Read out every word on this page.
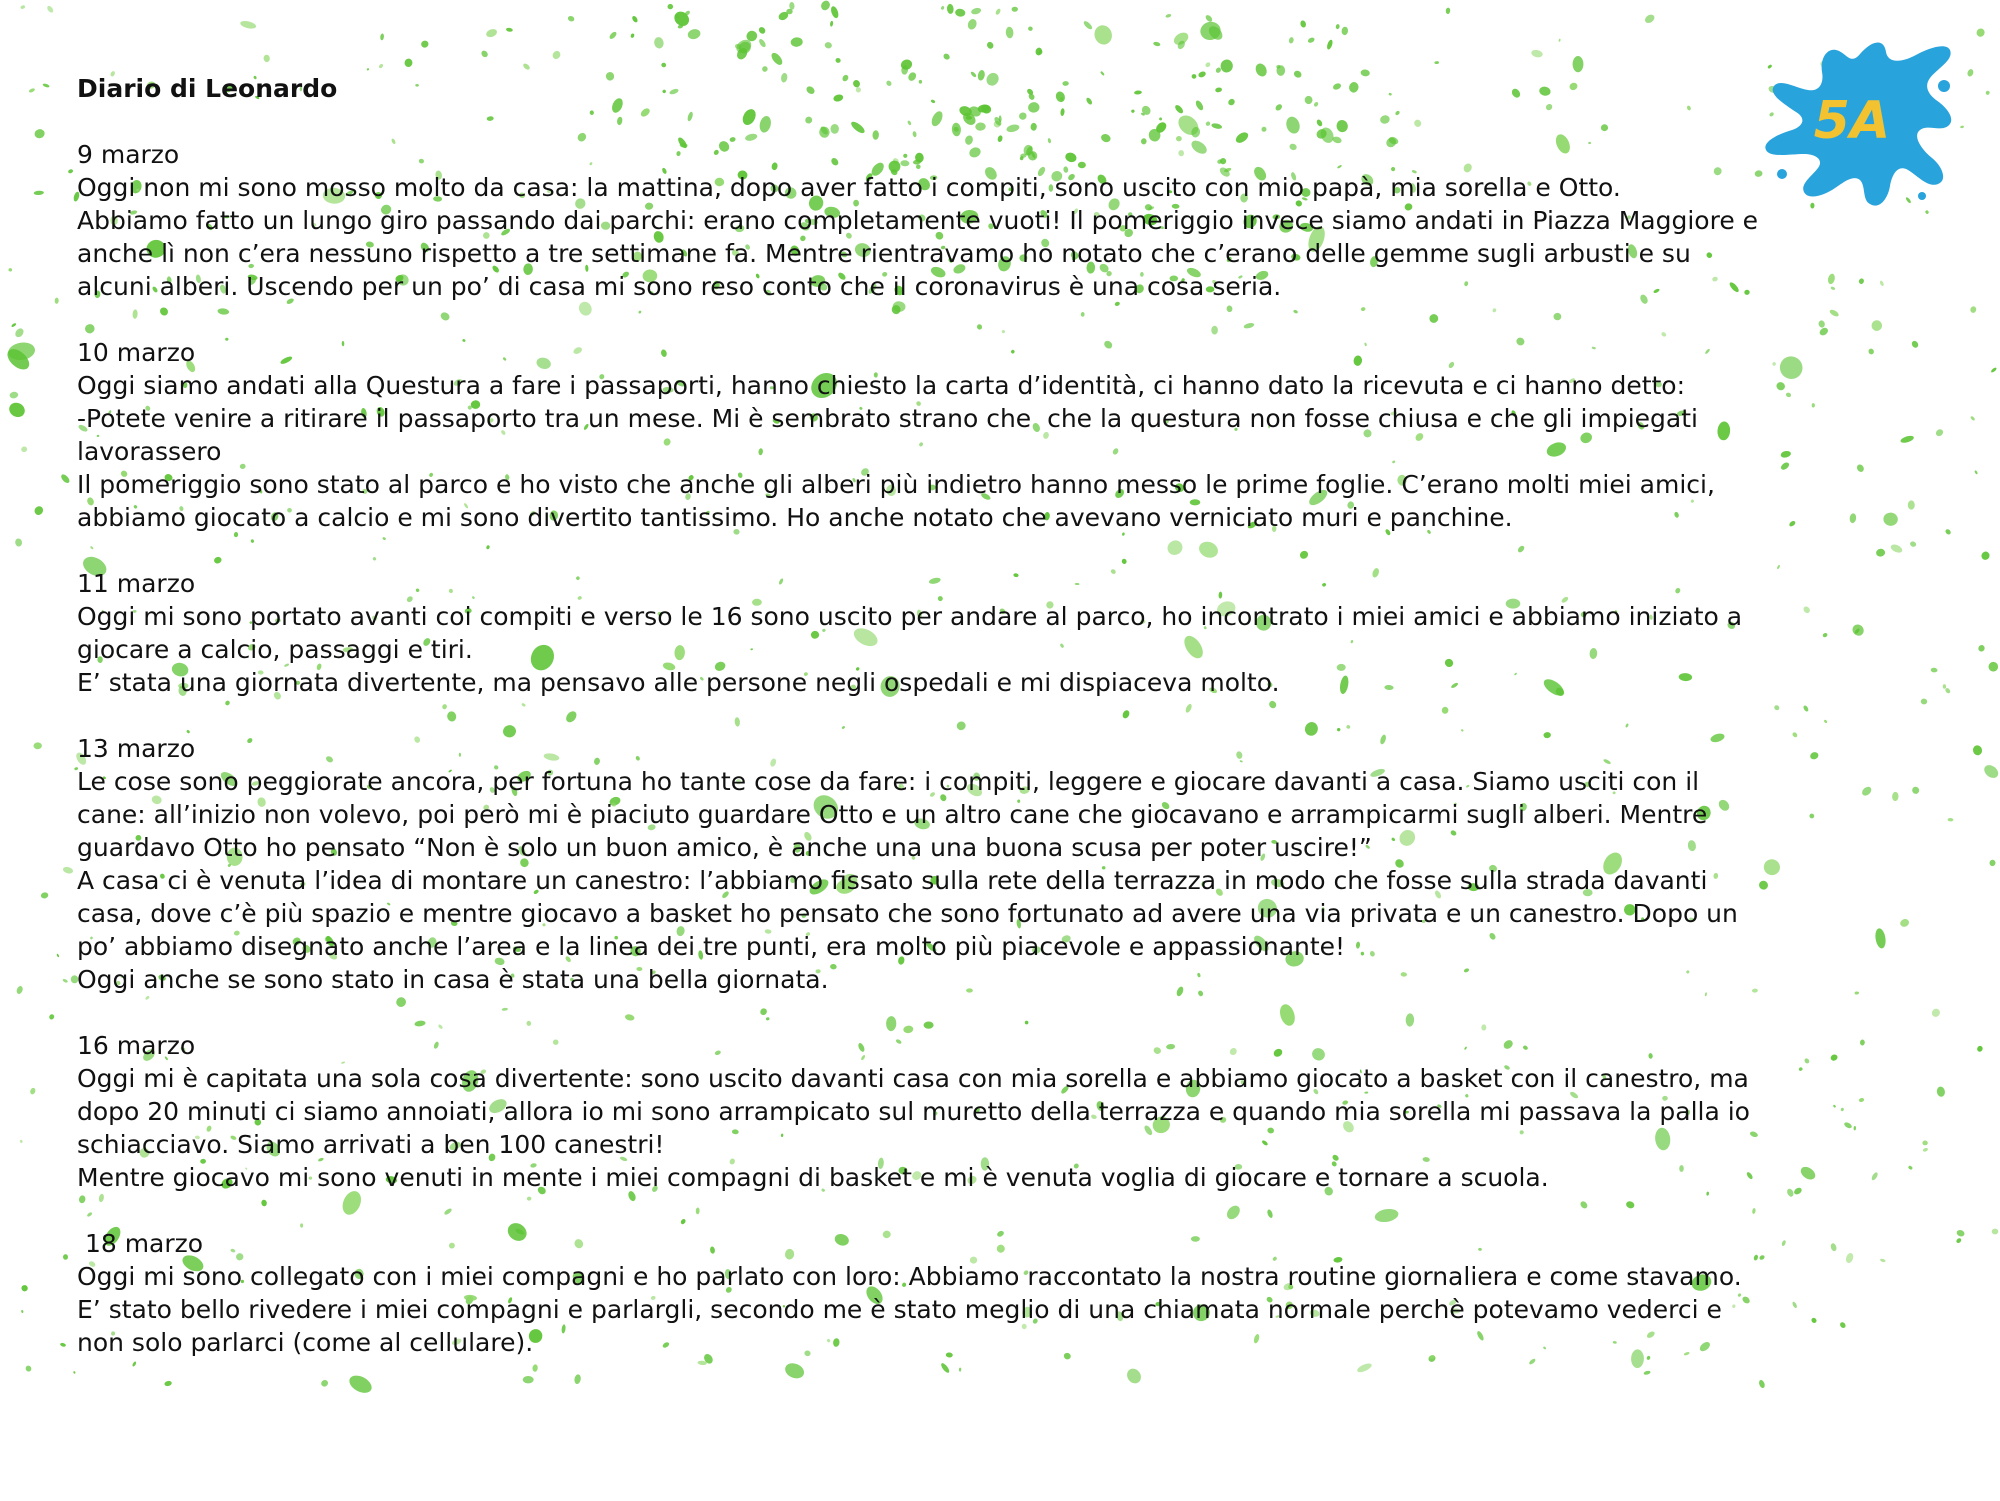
5A
Diario di Leonardo
9 marzo
Oggi non mi sono mosso molto da casa: la mattina, dopo aver fatto i compiti, sono uscito con mio papà, mia sorella e Otto.
Abbiamo fatto un lungo giro passando dai parchi: erano completamente vuoti! Il pomeriggio invece siamo andati in Piazza Maggiore e
anche lì non c’era nessuno rispetto a tre settimane fa. Mentre rientravamo ho notato che c’erano delle gemme sugli arbusti e su
alcuni alberi. Uscendo per un po’ di casa mi sono reso conto che il coronavirus è una cosa seria.
10 marzo
Oggi siamo andati alla Questura a fare i passaporti, hanno chiesto la carta d’identità, ci hanno dato la ricevuta e ci hanno detto:
-Potete venire a ritirare il passaporto tra un mese. Mi è sembrato strano che  che la questura non fosse chiusa e che gli impiegati
lavorassero
Il pomeriggio sono stato al parco e ho visto che anche gli alberi più indietro hanno messo le prime foglie. C’erano molti miei amici,
abbiamo giocato a calcio e mi sono divertito tantissimo. Ho anche notato che avevano verniciato muri e panchine.
11 marzo
Oggi mi sono portato avanti coi compiti e verso le 16 sono uscito per andare al parco, ho incontrato i miei amici e abbiamo iniziato a
giocare a calcio, passaggi e tiri.
E’ stata una giornata divertente, ma pensavo alle persone negli ospedali e mi dispiaceva molto.
13 marzo
Le cose sono peggiorate ancora, per fortuna ho tante cose da fare: i compiti, leggere e giocare davanti a casa. Siamo usciti con il
cane: all’inizio non volevo, poi però mi è piaciuto guardare Otto e un altro cane che giocavano e arrampicarmi sugli alberi. Mentre
guardavo Otto ho pensato “Non è solo un buon amico, è anche una una buona scusa per poter uscire!”
A casa ci è venuta l’idea di montare un canestro: l’abbiamo fissato sulla rete della terrazza in modo che fosse sulla strada davanti
casa, dove c’è più spazio e mentre giocavo a basket ho pensato che sono fortunato ad avere una via privata e un canestro. Dopo un
po’ abbiamo disegnato anche l’area e la linea dei tre punti, era molto più piacevole e appassionante!
Oggi anche se sono stato in casa è stata una bella giornata.
16 marzo
Oggi mi è capitata una sola cosa divertente: sono uscito davanti casa con mia sorella e abbiamo giocato a basket con il canestro, ma
dopo 20 minuti ci siamo annoiati, allora io mi sono arrampicato sul muretto della terrazza e quando mia sorella mi passava la palla io
schiacciavo. Siamo arrivati a ben 100 canestri!
Mentre giocavo mi sono venuti in mente i miei compagni di basket e mi è venuta voglia di giocare e tornare a scuola.
18 marzo
Oggi mi sono collegato con i miei compagni e ho parlato con loro: Abbiamo raccontato la nostra routine giornaliera e come stavamo.
E’ stato bello rivedere i miei compagni e parlargli, secondo me è stato meglio di una chiamata normale perchè potevamo vederci e
non solo parlarci (come al cellulare).
